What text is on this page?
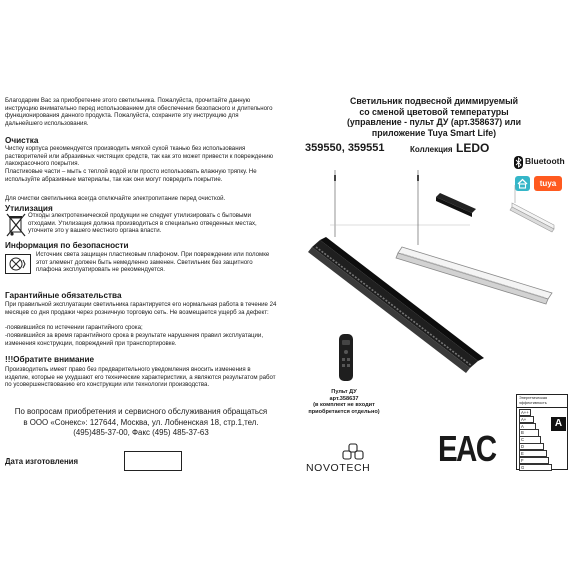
Благодарим Вас за приобретение этого светильника. Пожалуйста, прочитайте данную инструкцию внимательно перед использованием для обеспечения безопасного и длительного функционирования данного продукта. Пожалуйста, сохраните эту инструкцию для дальнейшего использования.
Очистка
Чистку корпуса рекомендуется производить мягкой сухой тканью без использования растворителей или абразивных чистящих средств, так как это может привести к повреждению лакокрасочного покрытия.
Пластиковые части – мыть с теплой водой или просто использовать влажную тряпку. Не используйте абразивные материалы, так как они могут повредить покрытие.
Для очистки светильника всегда отключайте электропитание перед очисткой.
Утилизация
Отходы электротехнической продукции не следует утилизировать с бытовыми отходами. Утилизация должна производиться в специально отведенных местах, уточните это у вашего местного органа власти.
Информация по безопасности
Источник света защищен пластиковым плафоном. При повреждении или поломке этот элемент должен быть немедленно заменен. Светильник без защитного плафона эксплуатировать не рекомендуется.
Гарантийные обязательства
При правильной эксплуатации светильника гарантируется его нормальная работа в течение 24 месяцев со дня продажи через розничную торговую сеть. Не возмещается ущерб за дефект:
-появившийся по истечении гарантийного срока;
-появившийся за время гарантийного срока в результате нарушения правил эксплуатации, изменения конструкции, повреждений при транспортировке.
!!!Обратите внимание
Производитель имеет право без предварительного уведомления вносить изменения в изделие, которые не ухудшают его технические характеристики, а являются результатом работ по усовершенствованию его конструкции или технологии производства.
По вопросам приобретения и сервисного обслуживания обращаться
в ООО «Сонекс»: 127644, Москва, ул. Лобненская 18, стр.1,тел.
(495)485-37-00, Факс (495) 485-37-63
Дата изготовления
Светильник подвесной диммируемый
со сменой цветовой температуры
(управление - пульт ДУ (арт.358637) или
приложение Tuya Smart Life)
359550, 359551	Коллекция LEDO
Bluetooth
tuya
Пульт ДУ
арт.358637
(в комплект не входит
приобретается отдельно)
NOVOTECH EAC
Энергетическая эффективность
A++
A+
A	A
B
C
D
E
F
G
